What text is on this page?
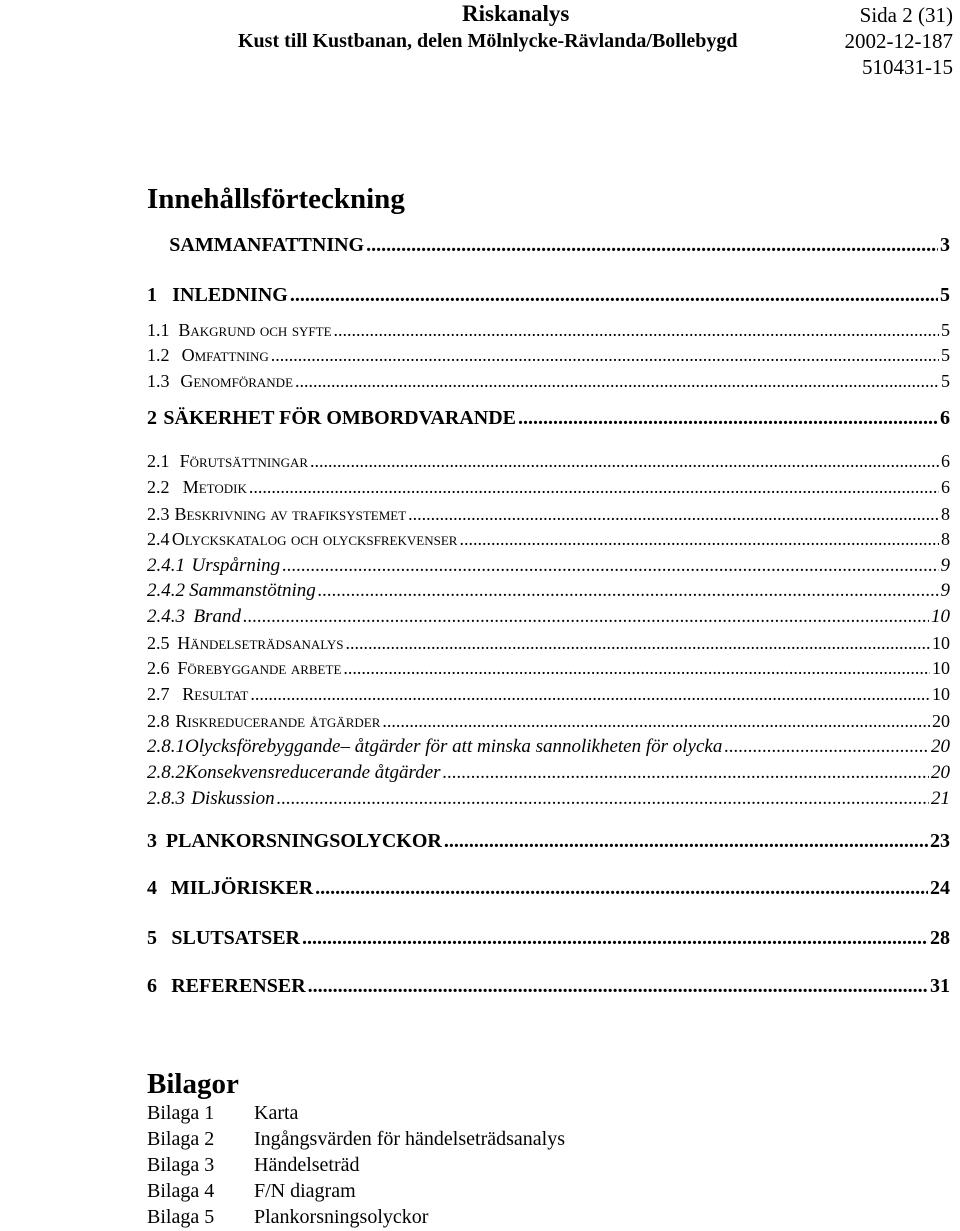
Riskanalys	Sida 2 (31)
Kust till Kustbanan, delen Mölnlycke-Rävlanda/Bollebygd	2002-12-187
510431-15
Innehållsförteckning
SAMMANFATTNING .....	3
1 INLEDNING .....	5
1.1 Bakgrund och syfte .....	5
1.2 Omfattning .....	5
1.3 Genomförande .....	5
2 SÄKERHET FÖR OMBORDVARANDE .....	6
2.1 Förutsättningar .....	6
2.2 Metodik .....	6
2.3 Beskrivning av trafiksystemet .....	8
2.4 Olyckskatalog och olycksfrekvenser .....	8
2.4.1 Urspårning .....	9
2.4.2 Sammanstötning .....	9
2.4.3 Brand .....	10
2.5 Händelseträdsanalys .....	10
2.6 Förebyggande arbete .....	10
2.7 Resultat .....	10
2.8 Riskreducerande åtgärder .....	20
2.8.1 Olycksförebyggande– åtgärder för att minska sannolikheten för olycka .....	20
2.8.2 Konsekvensreducerande åtgärder .....	20
2.8.3 Diskussion .....	21
3 PLANKORSNINGSOLYCKOR .....	23
4 MILJÖRISKER .....	24
5 SLUTSATSER .....	28
6 REFERENSER .....	31
Bilagor
Bilaga 1	Karta
Bilaga 2	Ingångsvärden för händelseträdsanalys
Bilaga 3	Händelseträd
Bilaga 4	F/N diagram
Bilaga 5	Plankorsningsolyckor
